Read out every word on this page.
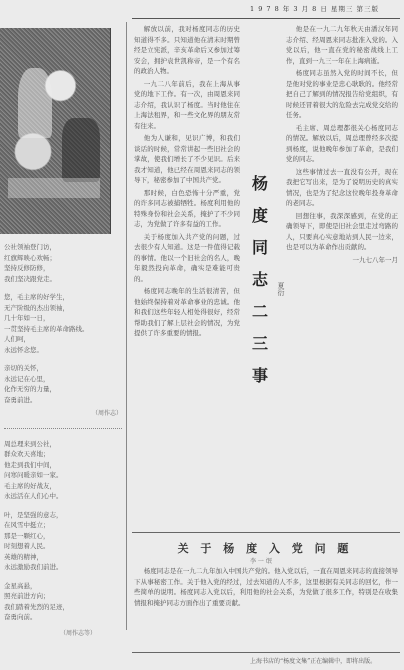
1 9 7 8 年 3 月 8 日 星期三 第三版
公社领袖登门访，
红旗辉映心欢畅；
坚持反修防修，
我们坚决跟党走。
您，毛主席的好学生，
无产阶级的杰出领袖，
几十年如一日，
一贯坚持毛主席的革命路线。
人们呵，
永远怀念您。
亲切的关怀，
永远记在心里，
化作无穷的力量，
奋勇前进。
（周作志）
周总理来到公社，
群众欢天喜地；
他走到我们中间，
问寒问暖亲如一家。
毛主席的好战友，
永远活在人们心中。
叶，是坚强的意志，
在风雪中挺立；
那是一颗红心，
时刻想着人民。
英雄的精神，
永远激励我们前进。
金星高悬，
照亮前进方向；
我们踏着先烈的足迹，
奋勇向前。
（周作志等）

解放以前，我对杨度同志的历史知道得不多。只知道他在清末时期曾经是立宪派，辛亥革命后又参加过筹安会，拥护袁世凯称帝，是一个有名的政治人物。

一九二八年前后，我在上海从事党的地下工作。有一次，由周恩来同志介绍，我认识了杨度。当时他住在上海法租界，和一些文化界的朋友常有往来。

他为人谦和，见识广博，和我们谈话的时候，常常讲起一些旧社会的掌故，使我们增长了不少见识。后来我才知道，他已经在周恩来同志的领导下，秘密参加了中国共产党。

那时候，白色恐怖十分严重，党的许多同志被捕牺牲。杨度利用他的特殊身份和社会关系，掩护了不少同志，为党做了许多有益的工作。

关于杨度加入共产党的问题，过去很少有人知道。这是一件值得记载的事情。他以一个旧社会的名人，晚年毅然投向革命，确实是难能可贵的。

杨度同志晚年的生活很清苦，但他始终保持着对革命事业的忠诚。他和我们这些年轻人相处得很好，经常帮助我们了解上层社会的情况，为党提供了许多重要的情报。

杨
度
同
志
二
三
事
夏衍

他是在一九二九年秋天由潘汉年同志介绍、经周恩来同志批准入党的。入党以后，他一直在党的秘密战线上工作，直到一九三一年在上海病逝。

杨度同志虽然入党的时间不长，但是他对党的事业是忠心耿耿的。他经常把自己了解到的情况报告给党组织，有时候还冒着很大的危险去完成党交给的任务。

毛主席、周总理都很关心杨度同志的情况。解放以后，周总理曾经多次提到杨度，说他晚年参加了革命，是我们党的同志。

这些事情过去一直没有公开，现在我把它写出来，是为了说明历史的真实情况，也是为了纪念这位晚年投身革命的老同志。

回想往事，我深深感到，在党的正确领导下，即使是旧社会里走过弯路的人，只要真心实意地站到人民一边来，也是可以为革命作出贡献的。

一九七八年一月

关 于 杨 度 入 党 问 题
李 一 氓

杨度同志是在一九二九年加入中国共产党的。他入党以后，一直在周恩来同志的直接领导下从事秘密工作。关于他入党的经过，过去知道的人不多，这里根据有关同志的回忆，作一些简单的说明。杨度同志入党以后，利用他的社会关系，为党做了很多工作，特别是在收集情报和掩护同志方面作出了重要贡献。

上海书店的“杨度文集”正在编辑中，即将出版。
